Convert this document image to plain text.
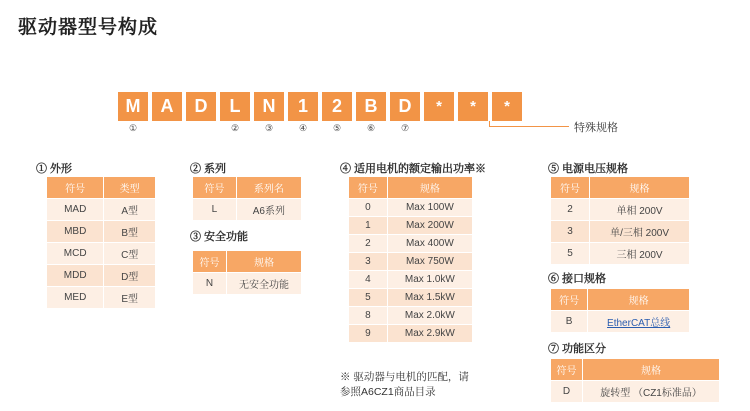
驱动器型号构成
M	A	D	L	N	1	2	B	D	*	*	*
①	②	③	④	⑤	⑥	⑦	特殊规格
① 外形
符号	类型
MAD	A型
MBD	B型
MCD	C型
MDD	D型
MED	E型
② 系列
符号	系列名
L	A6系列
③ 安全功能
符号	规格
N	无安全功能
④ 适用电机的额定输出功率※
符号	规格
0	Max 100W
1	Max 200W
2	Max 400W
3	Max 750W
4	Max 1.0kW
5	Max 1.5kW
8	Max 2.0kW
9	Max 2.9kW
※ 驱动器与电机的匹配，请
参照A6CZ1商品目录
⑤ 电源电压规格
符号	规格
2	单相 200V
3	单/三相 200V
5	三相 200V
⑥ 接口规格
符号	规格
B	EtherCAT总线
⑦ 功能区分
符号	规格
D	旋转型 （CZ1标准品）
